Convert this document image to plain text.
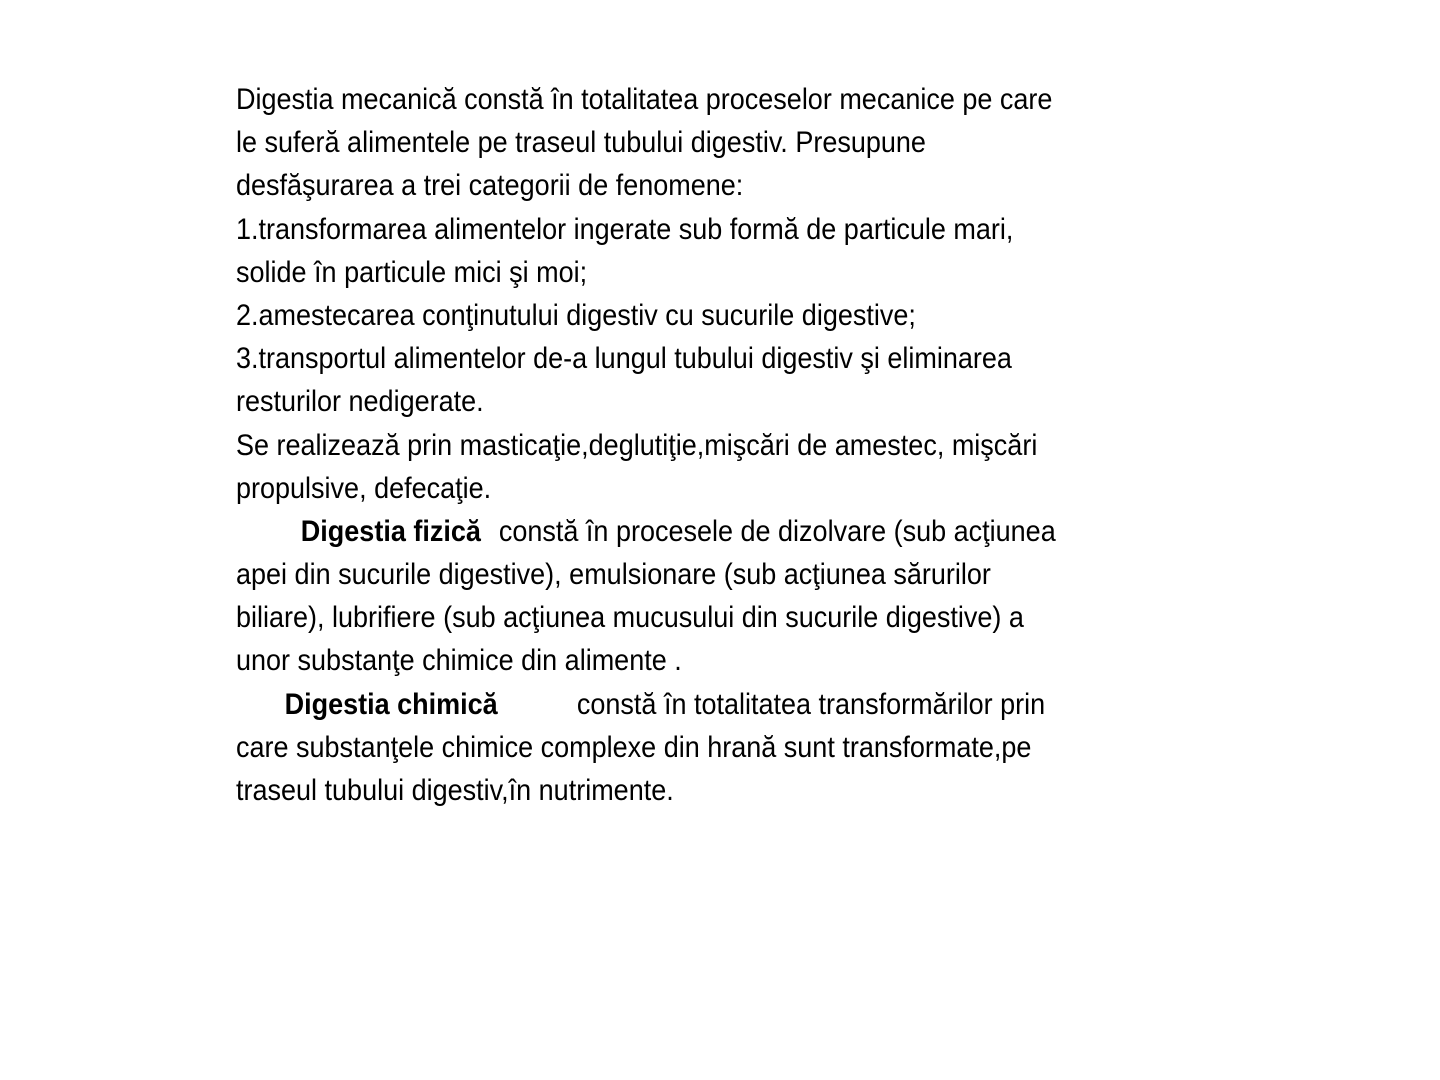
Digestia mecanică constă în totalitatea proceselor mecanice pe care
le suferă alimentele pe traseul tubului digestiv. Presupune
desfăşurarea a trei categorii de fenomene:
1.transformarea alimentelor ingerate sub formă de particule mari,
solide în particule mici şi moi;
2.amestecarea conţinutului digestiv cu sucurile digestive;
3.transportul alimentelor de-a lungul tubului digestiv şi eliminarea
resturilor nedigerate.
Se realizează prin masticaţie,deglutiţie,mişcări de amestec, mişcări
propulsive, defecaţie.
Digestia fizică constă în procesele de dizolvare (sub acţiunea
apei din sucurile digestive), emulsionare (sub acţiunea sărurilor
biliare), lubrifiere (sub acţiunea mucusului din sucurile digestive) a
unor substanţe chimice din alimente .
Digestia chimică	constă în totalitatea transformărilor prin
care substanţele chimice complexe din hrană sunt transformate,pe
traseul tubului digestiv,în nutrimente.
